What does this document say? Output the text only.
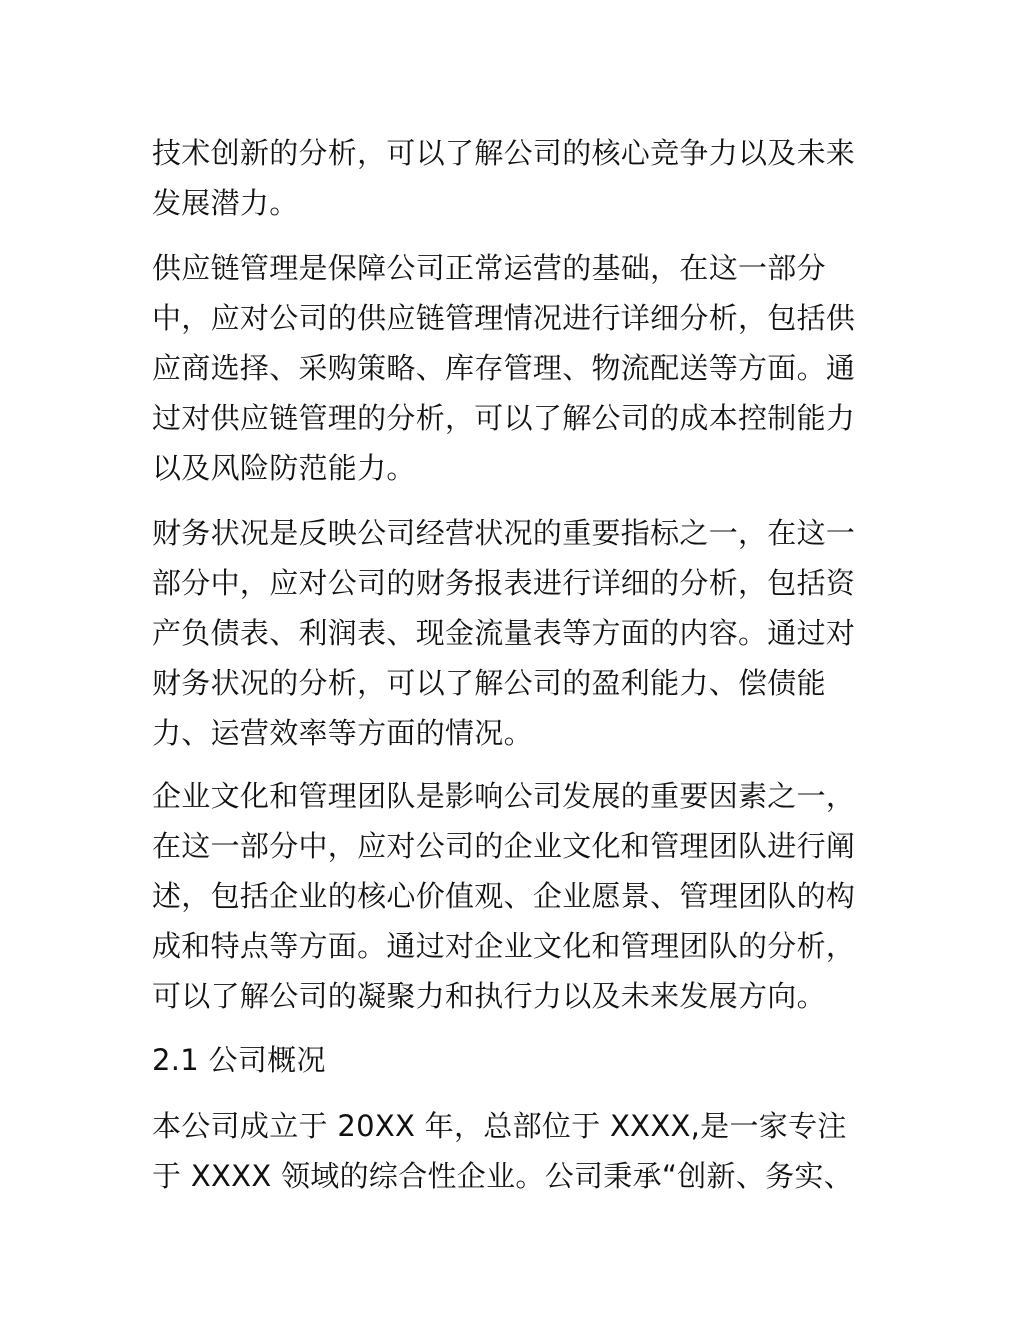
技术创新的分析，可以了解公司的核心竞争力以及未来
发展潜力。
供应链管理是保障公司正常运营的基础，在这一部分
中，应对公司的供应链管理情况进行详细分析，包括供
应商选择、采购策略、库存管理、物流配送等方面。通
过对供应链管理的分析，可以了解公司的成本控制能力
以及风险防范能力。
财务状况是反映公司经营状况的重要指标之一，在这一
部分中，应对公司的财务报表进行详细的分析，包括资
产负债表、利润表、现金流量表等方面的内容。通过对
财务状况的分析，可以了解公司的盈利能力、偿债能
力、运营效率等方面的情况。
企业文化和管理团队是影响公司发展的重要因素之一，
在这一部分中，应对公司的企业文化和管理团队进行阐
述，包括企业的核心价值观、企业愿景、管理团队的构
成和特点等方面。通过对企业文化和管理团队的分析，
可以了解公司的凝聚力和执行力以及未来发展方向。
2.1 公司概况
本公司成立于 20XX 年，总部位于 XXXX,是一家专注
于 XXXX 领域的综合性企业。公司秉承“创新、务实、
